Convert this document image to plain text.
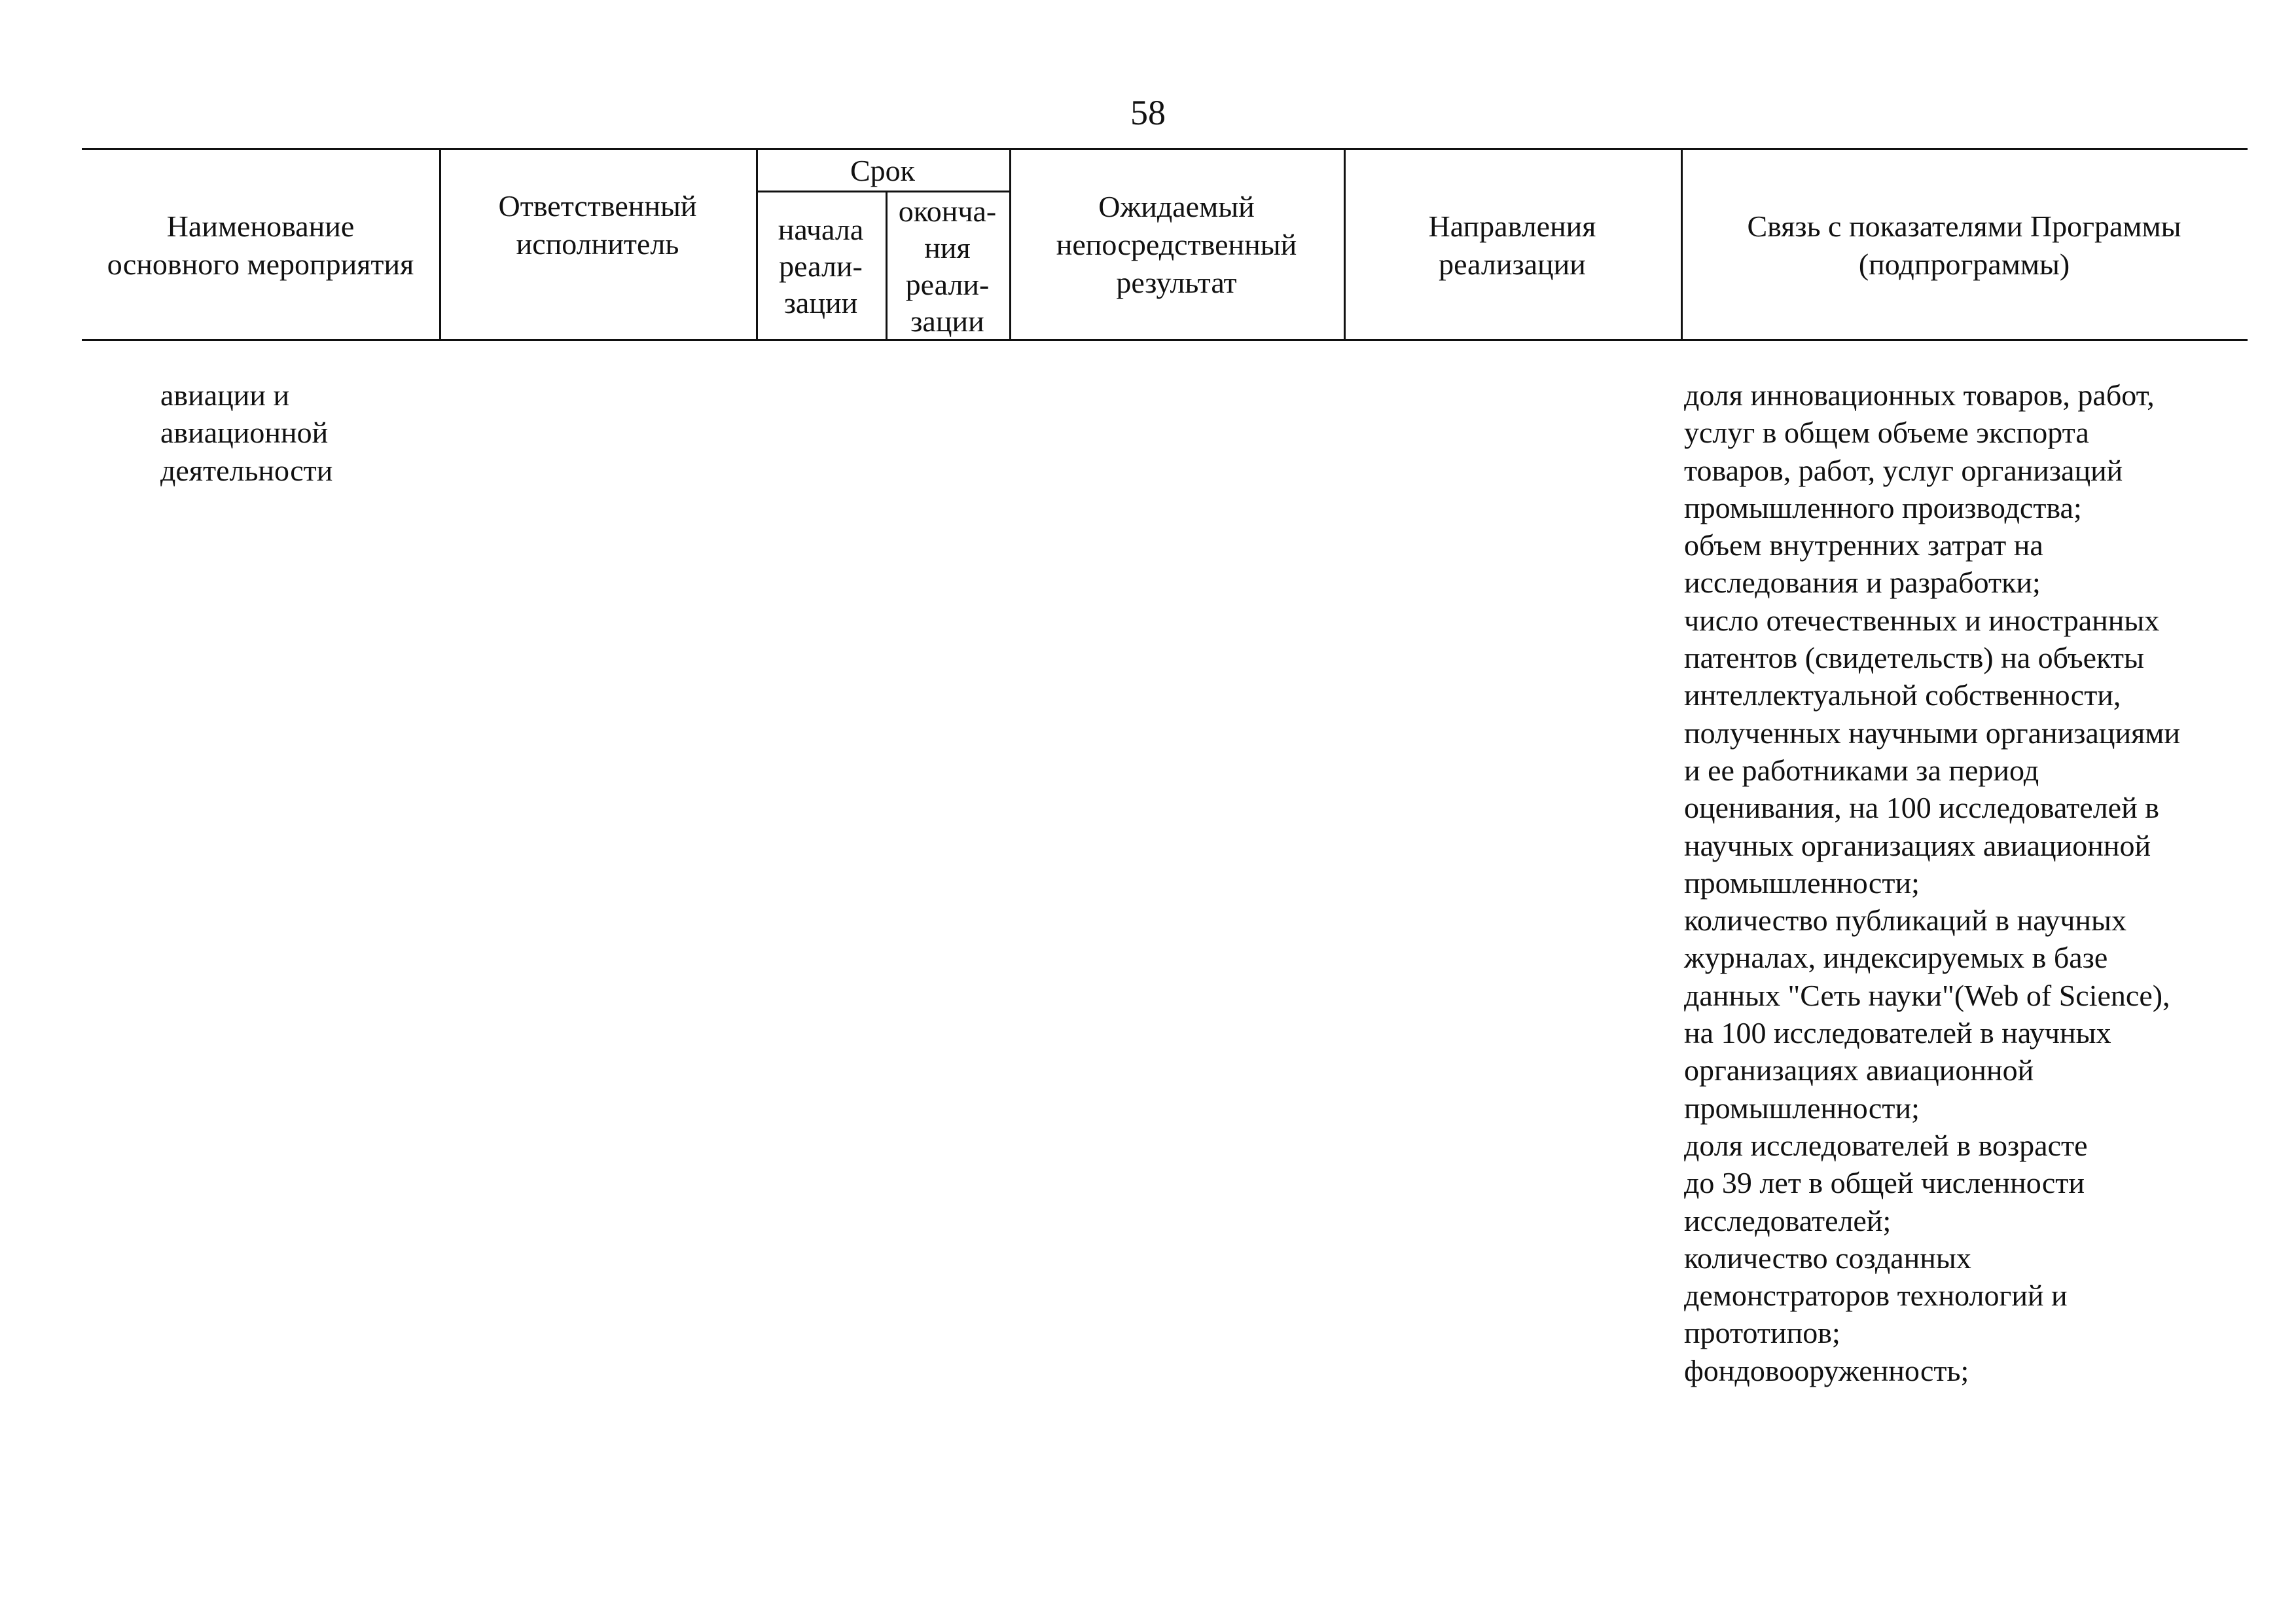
58
Наименование
основного мероприятия
Ответственный
исполнитель
Срок
начала
реали-
зации
оконча-
ния
реали-
зации
Ожидаемый
непосредственный
результат
Направления
реализации
Связь с показателями Программы
(подпрограммы)
авиации и
авиационной
деятельности
доля инновационных товаров, работ,
услуг в общем объеме экспорта
товаров, работ, услуг организаций
промышленного производства;
объем внутренних затрат на
исследования и разработки;
число отечественных и иностранных
патентов (свидетельств) на объекты
интеллектуальной собственности,
полученных научными организациями
и ее работниками за период
оценивания, на 100 исследователей в
научных организациях авиационной
промышленности;
количество публикаций в научных
журналах, индексируемых в базе
данных "Сеть науки"(Web of Science),
на 100 исследователей в научных
организациях авиационной
промышленности;
доля исследователей в возрасте
до 39 лет в общей численности
исследователей;
количество созданных
демонстраторов технологий и
прототипов;
фондовооруженность;
